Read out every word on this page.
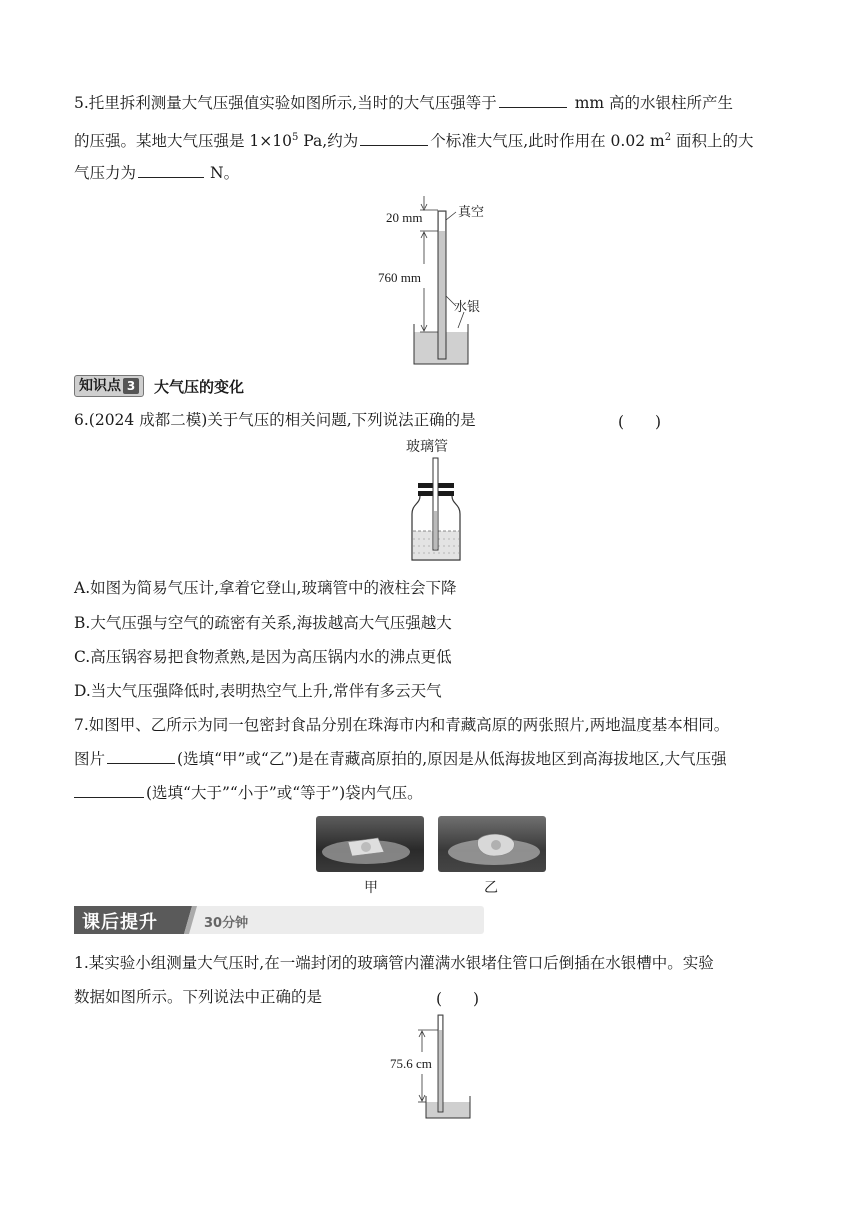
5.托里拆利测量大气压强值实验如图所示,当时的大气压强等于	mm 高的水银柱所产生
的压强。某地大气压强是 $1\times 10^5$ Pa,约为	个标准大气压,此时作用在 0.02 $m^2$ 面积上的大
气压力为	N。
20 mm	真空
760 mm
水银
知识点 3 大气压的变化
6.(2024 成都二模)关于气压的相关问题,下列说法正确的是	(　　)
玻璃管
A.如图为简易气压计,拿着它登山,玻璃管中的液柱会下降
B.大气压强与空气的疏密有关系,海拔越高大气压强越大
C.高压锅容易把食物煮熟,是因为高压锅内水的沸点更低
D.当大气压强降低时,表明热空气上升,常伴有多云天气
7.如图甲、乙所示为同一包密封食品分别在珠海市内和青藏高原的两张照片,两地温度基本相同。
图片	(选填“甲”或“乙”)是在青藏高原拍的,原因是从低海拔地区到高海拔地区,大气压强
(选填“大于”“小于”或“等于”)袋内气压。
甲	乙
课后提升	30分钟
1.某实验小组测量大气压时,在一端封闭的玻璃管内灌满水银堵住管口后倒插在水银槽中。实验
数据如图所示。下列说法中正确的是	(　　)
75.6 cm
